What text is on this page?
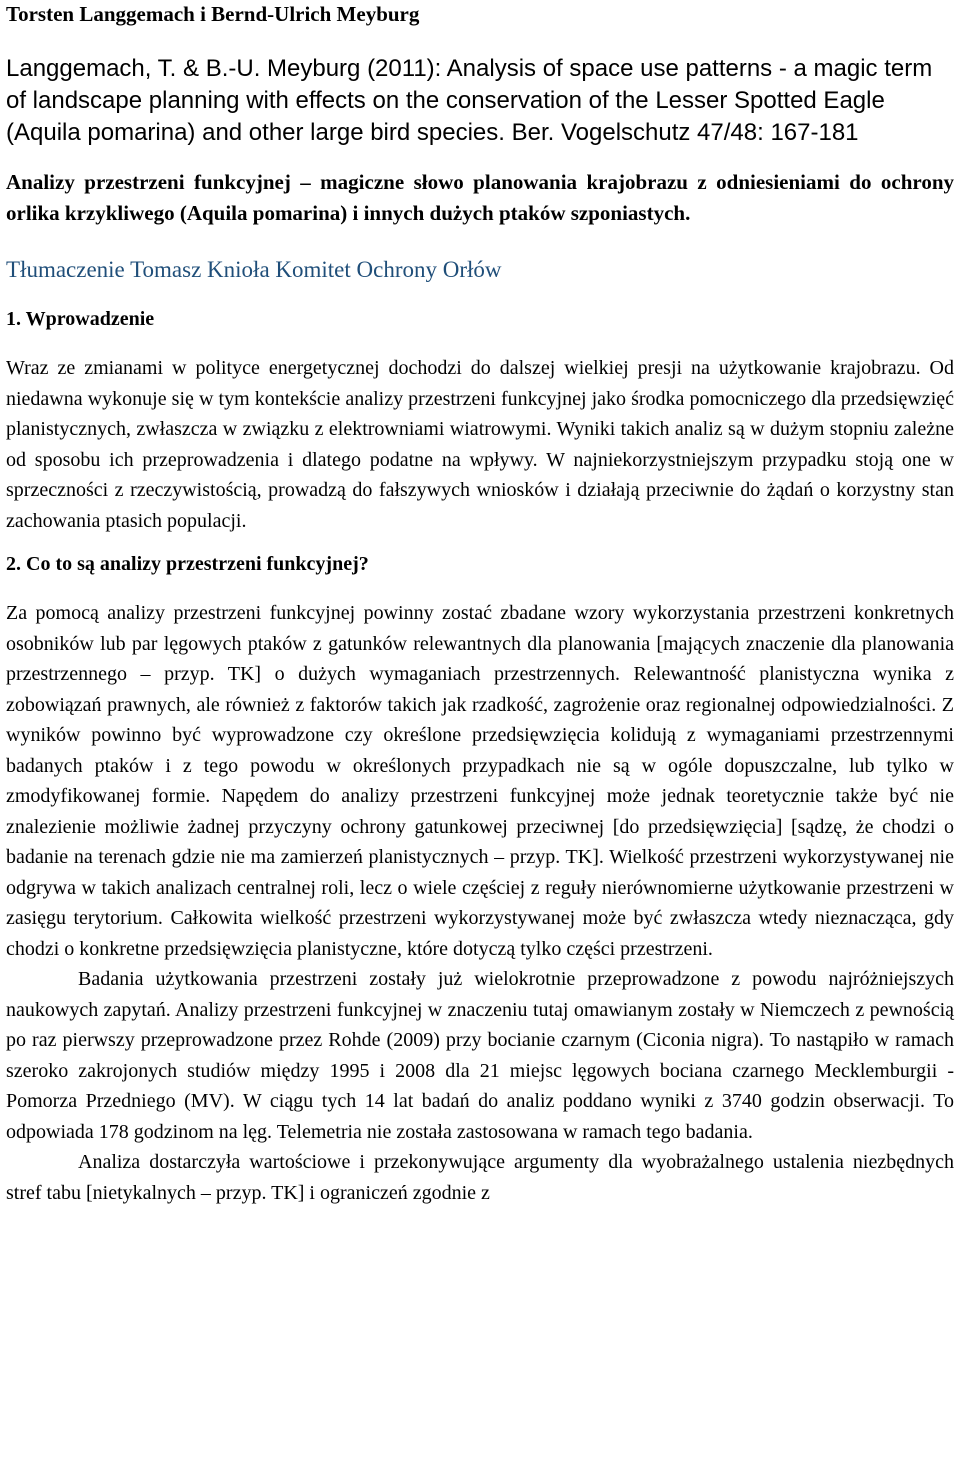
Torsten Langgemach i Bernd-Ulrich Meyburg

Langgemach, T. & B.-U. Meyburg (2011): Analysis of space use patterns - a magic term of landscape planning with effects on the conservation of the Lesser Spotted Eagle (Aquila pomarina) and other large bird species. Ber. Vogelschutz 47/48: 167-181

Analizy przestrzeni funkcyjnej – magiczne słowo planowania krajobrazu z odniesieniami do ochrony orlika krzykliwego (Aquila pomarina) i innych dużych ptaków szponiastych.

Tłumaczenie Tomasz Knioła Komitet Ochrony Orłów

1. Wprowadzenie

Wraz ze zmianami w polityce energetycznej dochodzi do dalszej wielkiej presji na użytkowanie krajobrazu. Od niedawna wykonuje się w tym kontekście analizy przestrzeni funkcyjnej jako środka pomocniczego dla przedsięwzięć planistycznych, zwłaszcza w związku z elektrowniami wiatrowymi. Wyniki takich analiz są w dużym stopniu zależne od sposobu ich przeprowadzenia i dlatego podatne na wpływy. W najniekorzystniejszym przypadku stoją one w sprzeczności z rzeczywistością, prowadzą do fałszywych wniosków i działają przeciwnie do żądań o korzystny stan zachowania ptasich populacji.

2. Co to są analizy przestrzeni funkcyjnej?

Za pomocą analizy przestrzeni funkcyjnej powinny zostać zbadane wzory wykorzystania przestrzeni konkretnych osobników lub par lęgowych ptaków z gatunków relewantnych dla planowania [mających znaczenie dla planowania przestrzennego – przyp. TK] o dużych wymaganiach przestrzennych. Relewantność planistyczna wynika z zobowiązań prawnych, ale również z faktorów takich jak rzadkość, zagrożenie oraz regionalnej odpowiedzialności. Z wyników powinno być wyprowadzone czy określone przedsięwzięcia kolidują z wymaganiami przestrzennymi badanych ptaków i z tego powodu w określonych przypadkach nie są w ogóle dopuszczalne, lub tylko w zmodyfikowanej formie. Napędem do analizy przestrzeni funkcyjnej może jednak teoretycznie także być nie znalezienie możliwie żadnej przyczyny ochrony gatunkowej przeciwnej [do przedsięwzięcia] [sądzę, że chodzi o badanie na terenach gdzie nie ma zamierzeń planistycznych – przyp. TK]. Wielkość przestrzeni wykorzystywanej nie odgrywa w takich analizach centralnej roli, lecz o wiele częściej z reguły nierównomierne użytkowanie przestrzeni w zasięgu terytorium. Całkowita wielkość przestrzeni wykorzystywanej może być zwłaszcza wtedy nieznacząca, gdy chodzi o konkretne przedsięwzięcia planistyczne, które dotyczą tylko części przestrzeni.

Badania użytkowania przestrzeni zostały już wielokrotnie przeprowadzone z powodu najróżniejszych naukowych zapytań. Analizy przestrzeni funkcyjnej w znaczeniu tutaj omawianym zostały w Niemczech z pewnością po raz pierwszy przeprowadzone przez Rohde (2009) przy bocianie czarnym (Ciconia nigra). To nastąpiło w ramach szeroko zakrojonych studiów między 1995 i 2008 dla 21 miejsc lęgowych bociana czarnego Mecklemburgii - Pomorza Przedniego (MV). W ciągu tych 14 lat badań do analiz poddano wyniki z 3740 godzin obserwacji. To odpowiada 178 godzinom na lęg. Telemetria nie została zastosowana w ramach tego badania.

Analiza dostarczyła wartościowe i przekonywujące argumenty dla wyobrażalnego ustalenia niezbędnych stref tabu [nietykalnych – przyp. TK] i ograniczeń zgodnie z
